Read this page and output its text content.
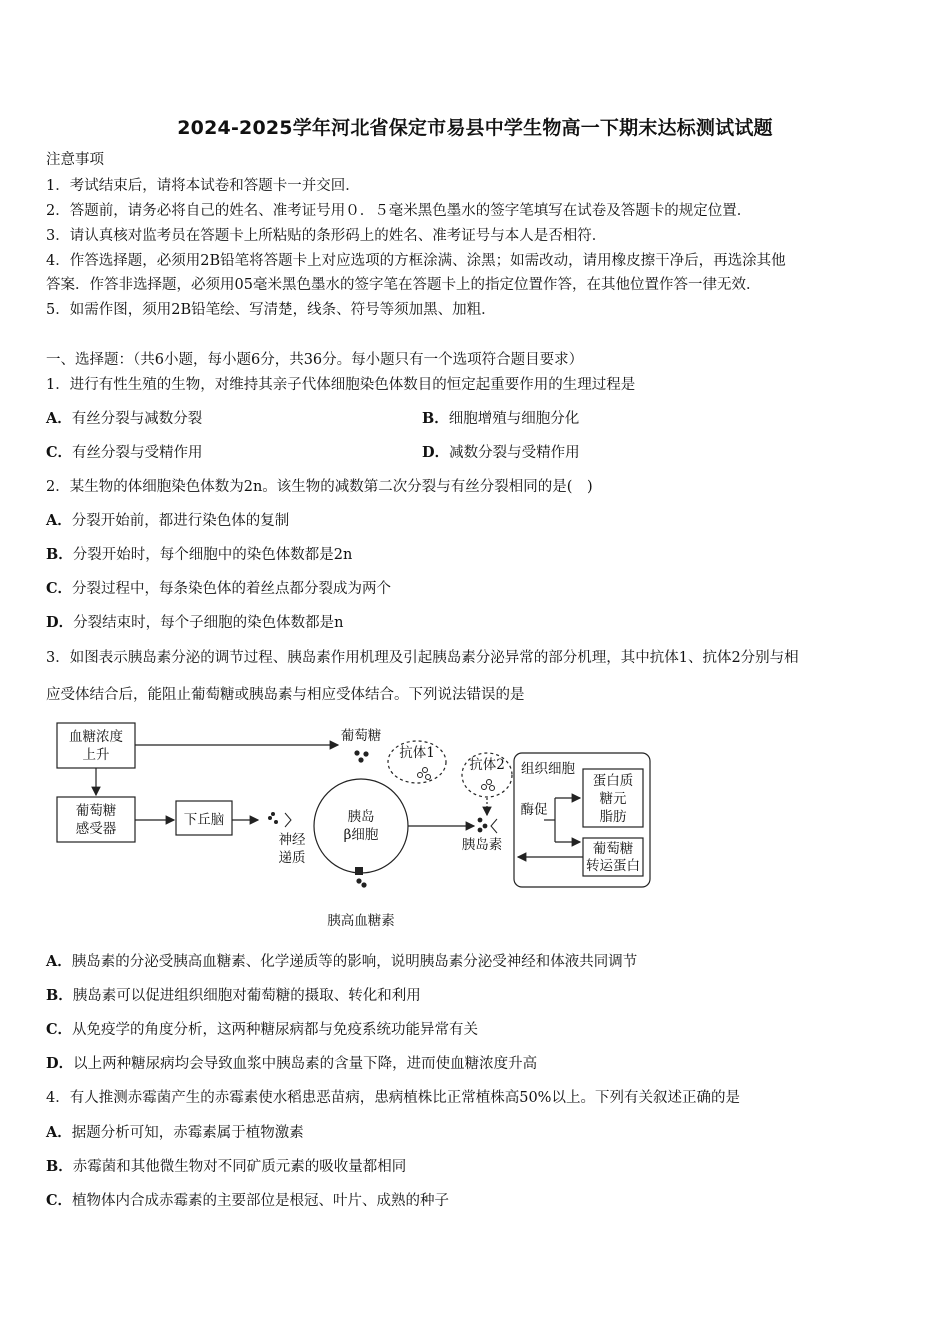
2024-2025学年河北省保定市易县中学生物高一下期末达标测试试题
注意事项
1．考试结束后，请将本试卷和答题卡一并交回．
2．答题前，请务必将自己的姓名、准考证号用０．５毫米黑色墨水的签字笔填写在试卷及答题卡的规定位置．
3．请认真核对监考员在答题卡上所粘贴的条形码上的姓名、准考证号与本人是否相符．
4．作答选择题，必须用2B铅笔将答题卡上对应选项的方框涂满、涂黑；如需改动，请用橡皮擦干净后，再选涂其他
答案．作答非选择题，必须用05毫米黑色墨水的签字笔在答题卡上的指定位置作答，在其他位置作答一律无效．
5．如需作图，须用2B铅笔绘、写清楚，线条、符号等须加黑、加粗．
一、选择题：（共6小题，每小题6分，共36分。每小题只有一个选项符合题目要求）
1．进行有性生殖的生物，对维持其亲子代体细胞染色体数目的恒定起重要作用的生理过程是
A．有丝分裂与减数分裂	B．细胞增殖与细胞分化
C．有丝分裂与受精作用	D．减数分裂与受精作用
2．某生物的体细胞染色体数为2n。该生物的减数第二次分裂与有丝分裂相同的是(　)
A．分裂开始前，都进行染色体的复制
B．分裂开始时，每个细胞中的染色体数都是2n
C．分裂过程中，每条染色体的着丝点都分裂成为两个
D．分裂结束时，每个子细胞的染色体数都是n
3．如图表示胰岛素分泌的调节过程、胰岛素作用机理及引起胰岛素分泌异常的部分机理，其中抗体1、抗体2分别与相
应受体结合后，能阻止葡萄糖或胰岛素与相应受体结合。下列说法错误的是
血糖浓度
上升
葡萄糖
感受器
下丘脑
葡萄糖
抗体1
抗体2
神经
递质
胰岛
β细胞
胰高血糖素
胰岛素
组织细胞
酶促
蛋白质
糖元
脂肪
葡萄糖
转运蛋白
A．胰岛素的分泌受胰高血糖素、化学递质等的影响，说明胰岛素分泌受神经和体液共同调节
B．胰岛素可以促进组织细胞对葡萄糖的摄取、转化和利用
C．从免疫学的角度分析，这两种糖尿病都与免疫系统功能异常有关
D．以上两种糖尿病均会导致血浆中胰岛素的含量下降，进而使血糖浓度升高
4．有人推测赤霉菌产生的赤霉素使水稻患恶苗病，患病植株比正常植株高50%以上。下列有关叙述正确的是
A．据题分析可知，赤霉素属于植物激素
B．赤霉菌和其他微生物对不同矿质元素的吸收量都相同
C．植物体内合成赤霉素的主要部位是根冠、叶片、成熟的种子
